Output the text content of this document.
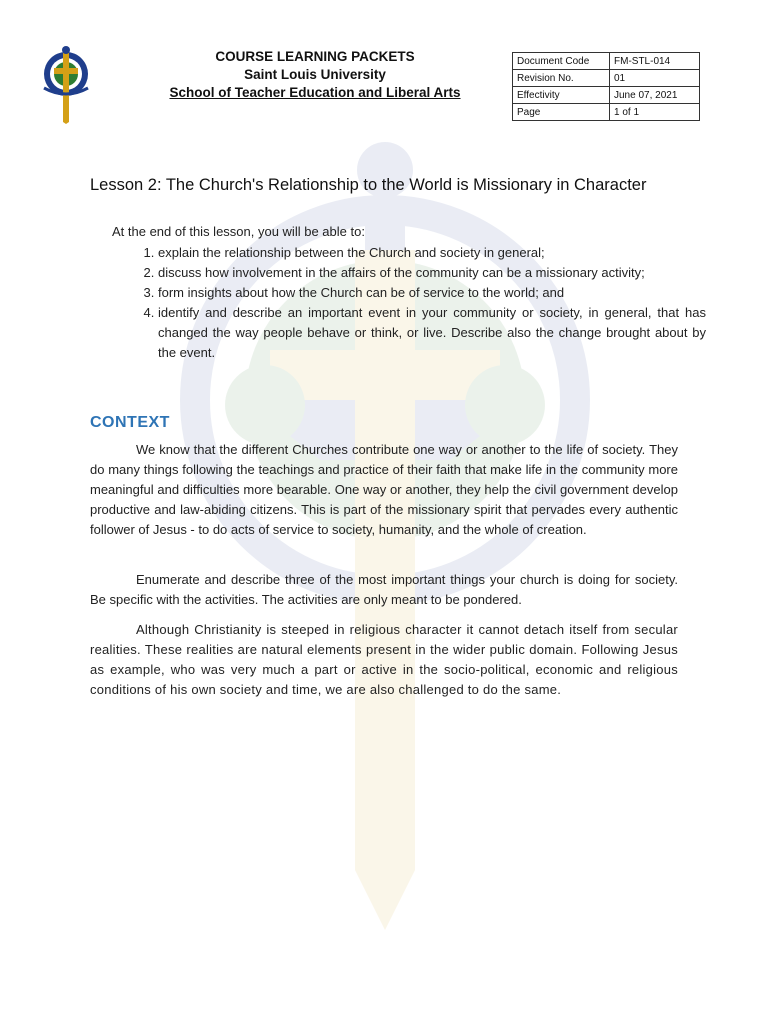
COURSE LEARNING PACKETS
Saint Louis University
School of Teacher Education and Liberal Arts
Document Code	FM-STL-014
Revision No.	01
Effectivity	June 07, 2021
Page	1 of 1
Lesson 2: The Church's Relationship to the World is Missionary in Character
At the end of this lesson, you will be able to:
1. explain the relationship between the Church and society in general;
2. discuss how involvement in the affairs of the community can be a missionary activity;
3. form insights about how the Church can be of service to the world; and
4. identify and describe an important event in your community or society, in general, that has changed the way people behave or think, or live. Describe also the change brought about by the event.
CONTEXT

We know that the different Churches contribute one way or another to the life of society. They do many things following the teachings and practice of their faith that make life in the community more meaningful and difficulties more bearable. One way or another, they help the civil government develop productive and law-abiding citizens. This is part of the missionary spirit that pervades every authentic follower of Jesus - to do acts of service to society, humanity, and the whole of creation.

Enumerate and describe three of the most important things your church is doing for society. Be specific with the activities. The activities are only meant to be pondered.

Although Christianity is steeped in religious character it cannot detach itself from secular realities. These realities are natural elements present in the wider public domain. Following Jesus as example, who was very much a part or active in the socio-political, economic and religious conditions of his own society and time, we are also challenged to do the same.
